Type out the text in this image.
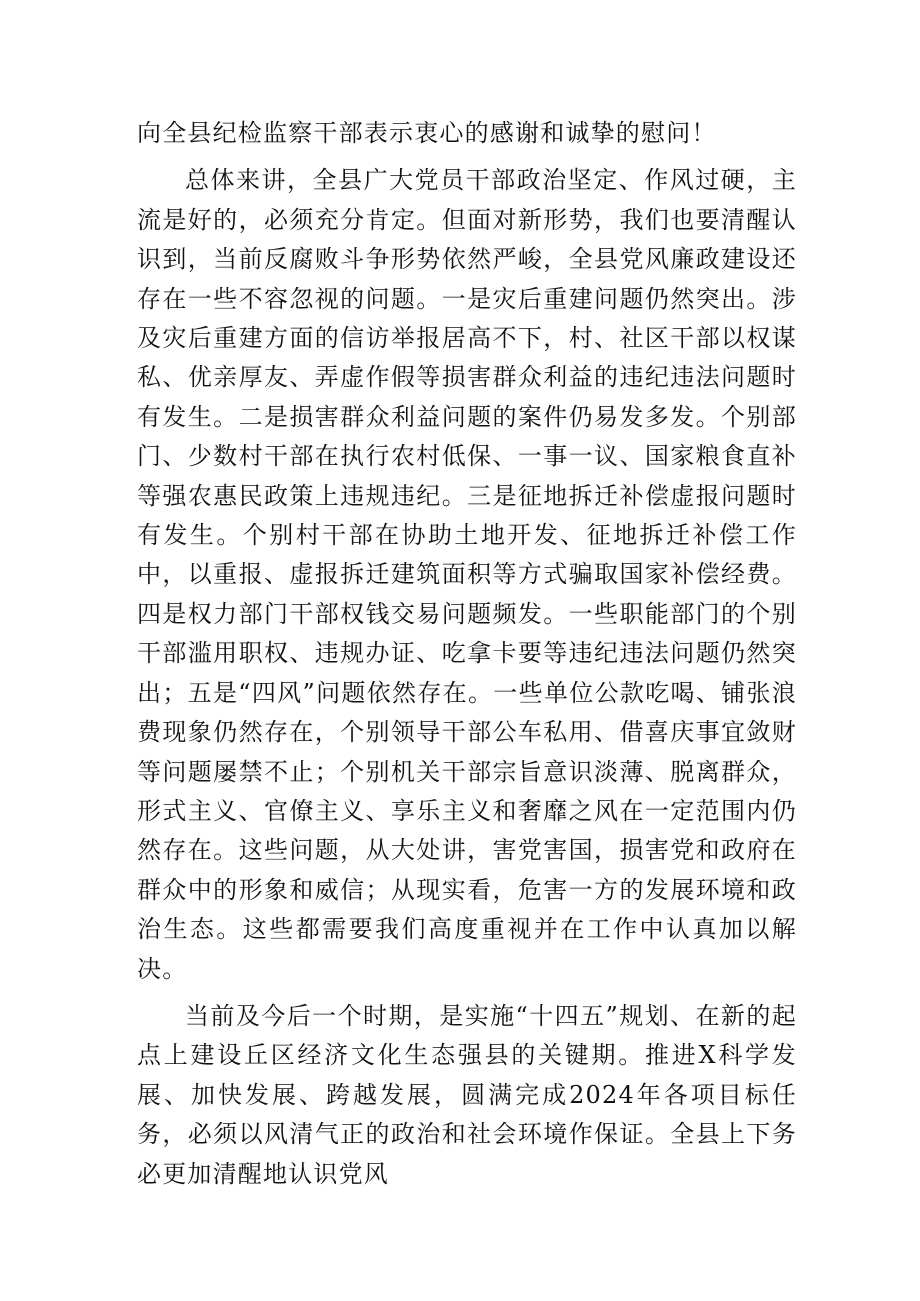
向全县纪检监察干部表示衷心的感谢和诚挚的慰问！

总体来讲，全县广大党员干部政治坚定、作风过硬，主流是好的，必须充分肯定。但面对新形势，我们也要清醒认识到，当前反腐败斗争形势依然严峻，全县党风廉政建设还存在一些不容忽视的问题。一是灾后重建问题仍然突出。涉及灾后重建方面的信访举报居高不下，村、社区干部以权谋私、优亲厚友、弄虚作假等损害群众利益的违纪违法问题时有发生。二是损害群众利益问题的案件仍易发多发。个别部门、少数村干部在执行农村低保、一事一议、国家粮食直补等强农惠民政策上违规违纪。三是征地拆迁补偿虚报问题时有发生。个别村干部在协助土地开发、征地拆迁补偿工作中，以重报、虚报拆迁建筑面积等方式骗取国家补偿经费。四是权力部门干部权钱交易问题频发。一些职能部门的个别干部滥用职权、违规办证、吃拿卡要等违纪违法问题仍然突出；五是“四风”问题依然存在。一些单位公款吃喝、铺张浪费现象仍然存在，个别领导干部公车私用、借喜庆事宜敛财等问题屡禁不止；个别机关干部宗旨意识淡薄、脱离群众，形式主义、官僚主义、享乐主义和奢靡之风在一定范围内仍然存在。这些问题，从大处讲，害党害国，损害党和政府在群众中的形象和威信；从现实看，危害一方的发展环境和政治生态。这些都需要我们高度重视并在工作中认真加以解决。

当前及今后一个时期，是实施“十四五”规划、在新的起点上建设丘区经济文化生态强县的关键期。推进X科学发展、加快发展、跨越发展，圆满完成2024年各项目标任务，必须以风清气正的政治和社会环境作保证。全县上下务必更加清醒地认识党风
